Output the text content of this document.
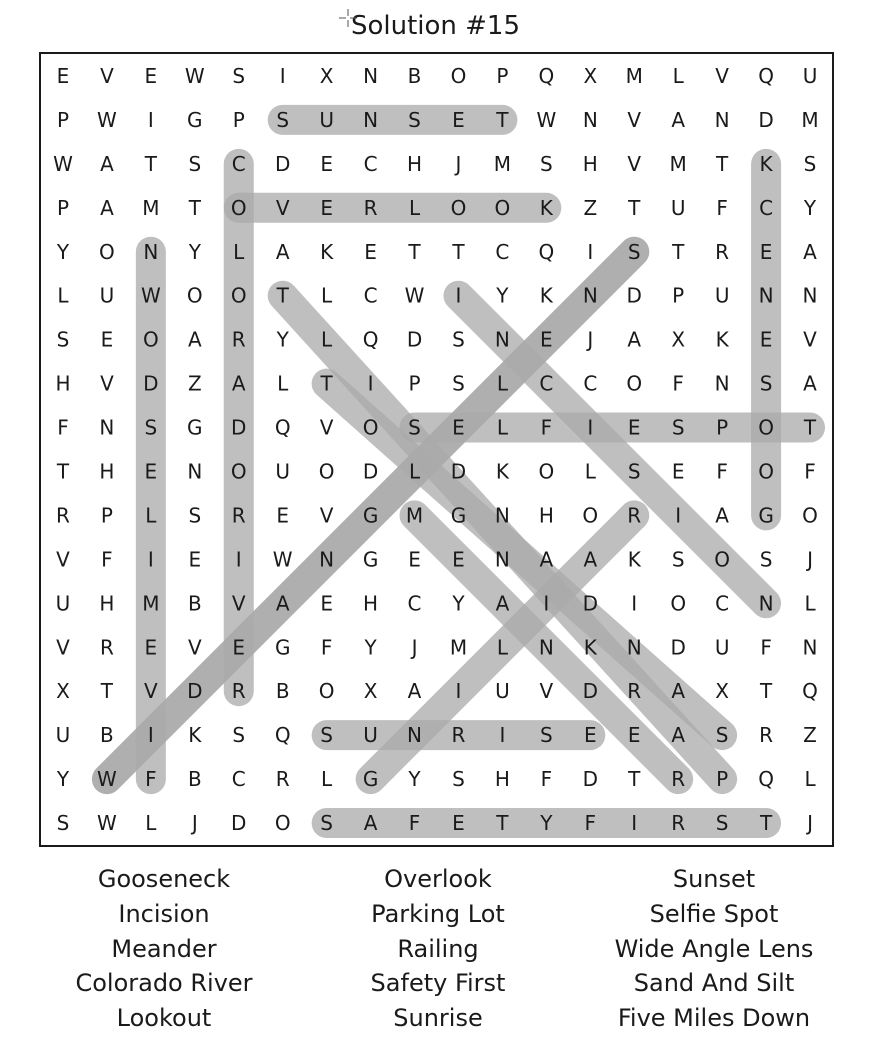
Solution #15
E V E W S I X N B O P Q X M L V Q U
P W I G P S U N S E T W N V A N D M
W A T S C D E C H J M S H V M T K S
P A M T O V E R L O O K Z T U F C Y
Y O N Y L A K E T T C Q I S T R E A
L U W O O T L C W I Y K N D P U N N
S E O A R Y L Q D S N E J A X K E V
H V D Z A L T I P S L C C O F N S A
F N S G D Q V O S E L F I E S P O T
T H E N O U O D L D K O L S E F O F
R P L S R E V G M G N H O R I A G O
V F I E I W N G E E N A A K S O S J
U H M B V A E H C Y A I D I O C N L
V R E V E G F Y J M L N K N D U F N
X T V D R B O X A I U V D R A X T Q
U B I K S Q S U N R I S E E A S R Z
Y W F B C R L G Y S H F D T R P Q L
S W L J D O S A F E T Y F I R S T J
Gooseneck
Incision
Meander
Colorado River
Lookout
Overlook
Parking Lot
Railing
Safety First
Sunrise
Sunset
Selfie Spot
Wide Angle Lens
Sand And Silt
Five Miles Down
